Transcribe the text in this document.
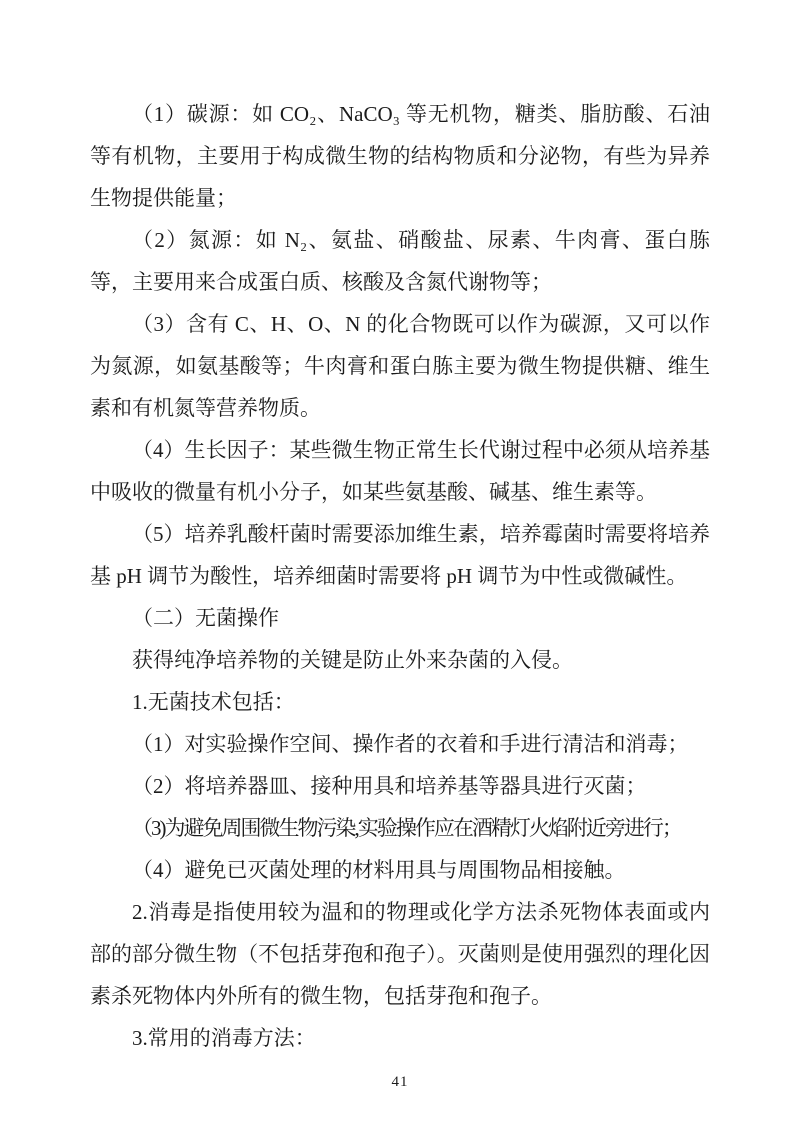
（1）碳源：如 CO₂、NaCO₃ 等无机物，糖类、脂肪酸、石油等有机物，主要用于构成微生物的结构物质和分泌物，有些为异养生物提供能量；

（2）氮源：如 N₂、氨盐、硝酸盐、尿素、牛肉膏、蛋白胨等，主要用来合成蛋白质、核酸及含氮代谢物等；

（3）含有 C、H、O、N 的化合物既可以作为碳源，又可以作为氮源，如氨基酸等；牛肉膏和蛋白胨主要为微生物提供糖、维生素和有机氮等营养物质。

（4）生长因子：某些微生物正常生长代谢过程中必须从培养基中吸收的微量有机小分子，如某些氨基酸、碱基、维生素等。

（5）培养乳酸杆菌时需要添加维生素，培养霉菌时需要将培养基 pH 调节为酸性，培养细菌时需要将 pH 调节为中性或微碱性。

（二）无菌操作

获得纯净培养物的关键是防止外来杂菌的入侵。

1.无菌技术包括：

（1）对实验操作空间、操作者的衣着和手进行清洁和消毒；

（2）将培养器皿、接种用具和培养基等器具进行灭菌；

（3)为避免周围微生物污染,实验操作应在酒精灯火焰附近旁进行；

（4）避免已灭菌处理的材料用具与周围物品相接触。

2.消毒是指使用较为温和的物理或化学方法杀死物体表面或内部的部分微生物（不包括芽孢和孢子）。灭菌则是使用强烈的理化因素杀死物体内外所有的微生物，包括芽孢和孢子。

3.常用的消毒方法：

41
